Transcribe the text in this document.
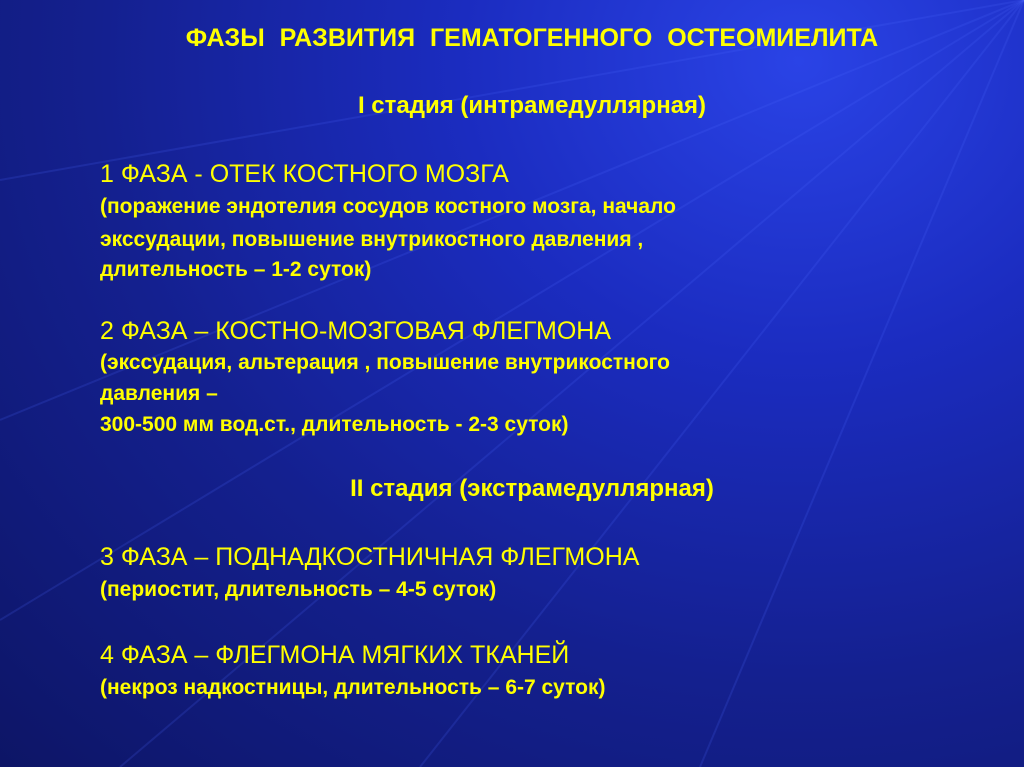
ФАЗЫ РАЗВИТИЯ ГЕМАТОГЕННОГО ОСТЕОМИЕЛИТА
I стадия (интрамедуллярная)
1 ФАЗА - ОТЕК КОСТНОГО МОЗГА
(поражение эндотелия сосудов костного мозга, начало
экссудации, повышение внутрикостного давления ,
длительность – 1-2 суток)
2 ФАЗА – КОСТНО-МОЗГОВАЯ ФЛЕГМОНА
(экссудация, альтерация , повышение внутрикостного
давления –
300-500 мм вод.ст., длительность - 2-3 суток)
II стадия (экстрамедуллярная)
3 ФАЗА – ПОДНАДКОСТНИЧНАЯ ФЛЕГМОНА
(периостит, длительность – 4-5 суток)
4 ФАЗА – ФЛЕГМОНА МЯГКИХ ТКАНЕЙ
(некроз надкостницы, длительность – 6-7 суток)
